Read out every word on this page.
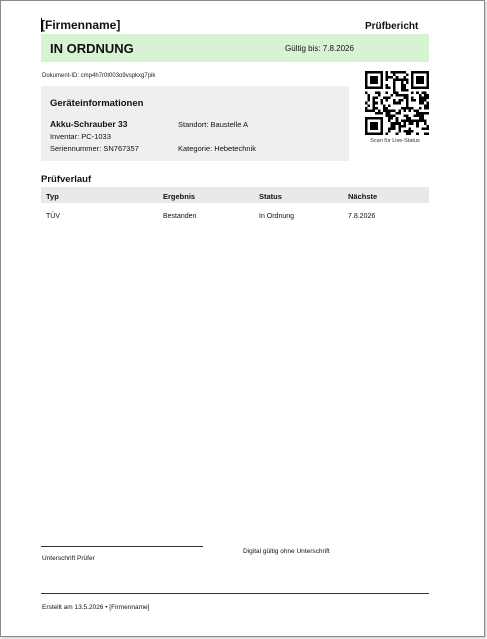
[Firmenname]	Prüfbericht
IN ORDNUNG	Gültig bis: 7.8.2026
Dokument-ID: cmp4h7r0t003o9vspkxg7pik
Geräteinformationen
Akku-Schrauber 33
Inventar: PC-1033
Seriennummer: SN767357
Standort: Baustelle A
Kategorie: Hebetechnik
Scan für Live-Status
Prüfverlauf
Typ	Ergebnis	Status	Nächste
TÜV	Bestanden	In Ordnung	7.8.2026
Unterschrift Prüfer
Digital gültig ohne Unterschrift
Erstellt am 13.5.2026 • [Firmenname]
